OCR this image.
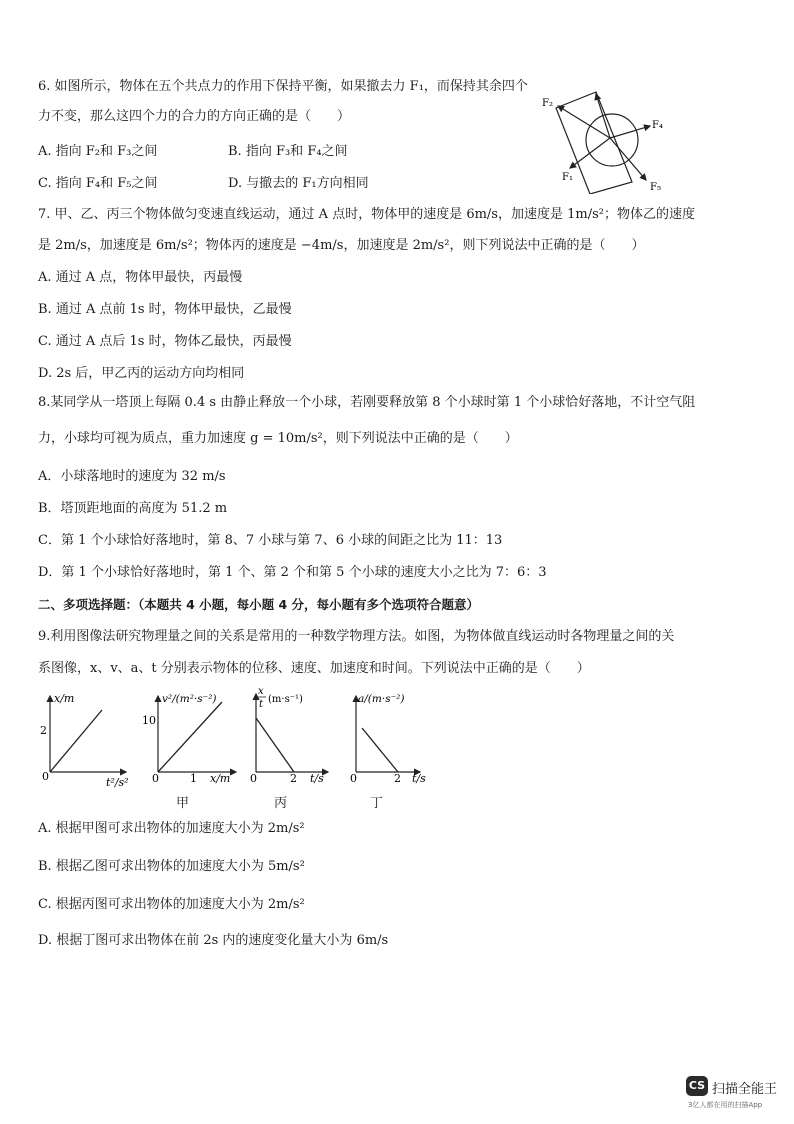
6. 如图所示，物体在五个共点力的作用下保持平衡，如果撤去力 F₁，而保持其余四个
力不变，那么这四个力的合力的方向正确的是（　　）
A. 指向 F₂和 F₃之间	B. 指向 F₃和 F₄之间
C. 指向 F₄和 F₅之间	D. 与撤去的 F₁方向相同
F₂
F₄
F₁
F₅
7. 甲、乙、丙三个物体做匀变速直线运动，通过 A 点时，物体甲的速度是 6m/s，加速度是 1m/s²；物体乙的速度
是 2m/s，加速度是 6m/s²；物体丙的速度是 −4m/s，加速度是 2m/s²，则下列说法中正确的是（　　）
A. 通过 A 点，物体甲最快，丙最慢
B. 通过 A 点前 1s 时，物体甲最快，乙最慢
C. 通过 A 点后 1s 时，物体乙最快，丙最慢
D. 2s 后，甲乙丙的运动方向均相同
8.某同学从一塔顶上每隔 0.4 s 由静止释放一个小球，若刚要释放第 8 个小球时第 1 个小球恰好落地，不计空气阻
力，小球均可视为质点，重力加速度 g = 10m/s²，则下列说法中正确的是（　　）
A．小球落地时的速度为 32 m/s
B．塔顶距地面的高度为 51.2 m
C．第 1 个小球恰好落地时，第 8、7 小球与第 7、6 小球的间距之比为 11：13
D．第 1 个小球恰好落地时，第 1 个、第 2 个和第 5 个小球的速度大小之比为 7：6：3
二、多项选择题：（本题共 4 小题，每小题 4 分，每小题有多个选项符合题意）
9.利用图像法研究物理量之间的关系是常用的一种数学物理方法。如图，为物体做直线运动时各物理量之间的关
系图像，x、v、a、t 分别表示物体的位移、速度、加速度和时间。下列说法中正确的是（　　）
x/m
2
0	t²/s²
v²/(m²·s⁻²)
10
0	1 x/m
x
t (m·s⁻¹)
0	2 t/s
a/(m·s⁻²)
0	2 t/s
甲	丙	丁
A. 根据甲图可求出物体的加速度大小为 2m/s²
B. 根据乙图可求出物体的加速度大小为 5m/s²
C. 根据丙图可求出物体的加速度大小为 2m/s²
D. 根据丁图可求出物体在前 2s 内的速度变化量大小为 6m/s
CS 扫描全能王
3亿人都在用的扫描App
